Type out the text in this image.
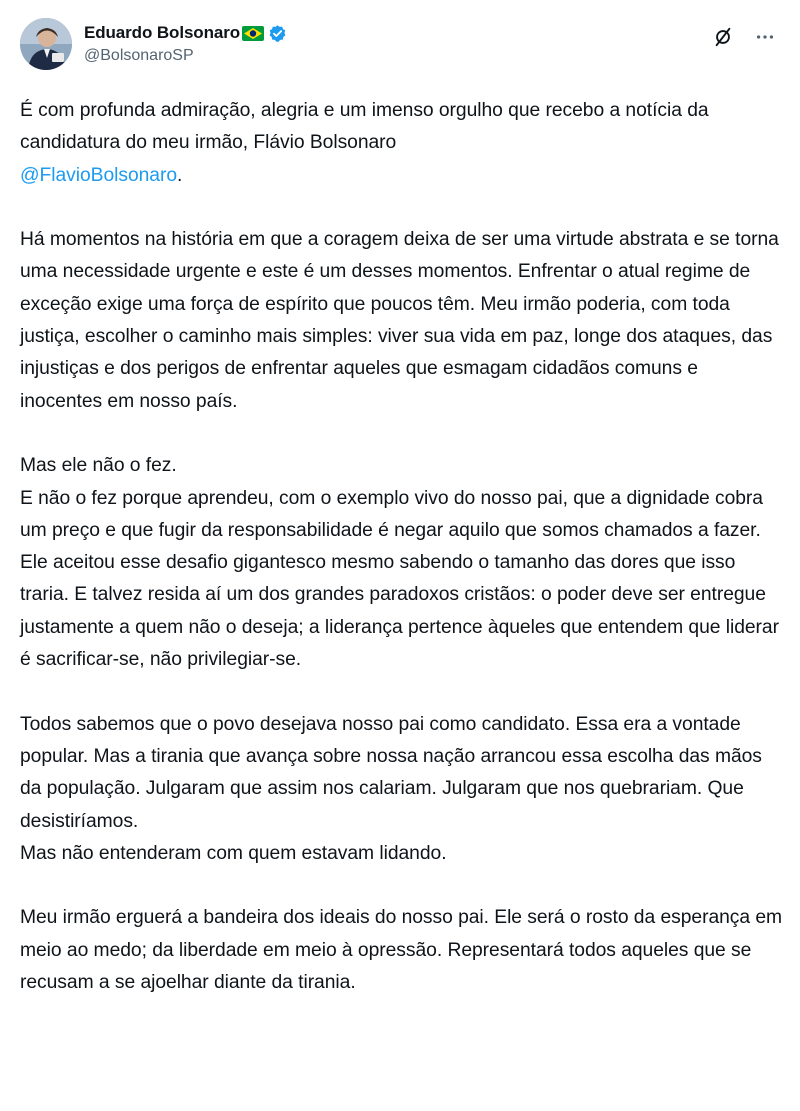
Eduardo Bolsonaro
@BolsonaroSP

É com profunda admiração, alegria e um imenso orgulho que recebo a notícia da candidatura do meu irmão, Flávio Bolsonaro
@FlavioBolsonaro.

Há momentos na história em que a coragem deixa de ser uma virtude abstrata e se torna uma necessidade urgente e este é um desses momentos. Enfrentar o atual regime de exceção exige uma força de espírito que poucos têm. Meu irmão poderia, com toda justiça, escolher o caminho mais simples: viver sua vida em paz, longe dos ataques, das injustiças e dos perigos de enfrentar aqueles que esmagam cidadãos comuns e inocentes em nosso país.

Mas ele não o fez.
E não o fez porque aprendeu, com o exemplo vivo do nosso pai, que a dignidade cobra um preço e que fugir da responsabilidade é negar aquilo que somos chamados a fazer. Ele aceitou esse desafio gigantesco mesmo sabendo o tamanho das dores que isso traria. E talvez resida aí um dos grandes paradoxos cristãos: o poder deve ser entregue justamente a quem não o deseja; a liderança pertence àqueles que entendem que liderar é sacrificar-se, não privilegiar-se.

Todos sabemos que o povo desejava nosso pai como candidato. Essa era a vontade popular. Mas a tirania que avança sobre nossa nação arrancou essa escolha das mãos da população. Julgaram que assim nos calariam. Julgaram que nos quebrariam. Que desistiríamos.
Mas não entenderam com quem estavam lidando.

Meu irmão erguerá a bandeira dos ideais do nosso pai. Ele será o rosto da esperança em meio ao medo; da liberdade em meio à opressão. Representará todos aqueles que se recusam a se ajoelhar diante da tirania.
